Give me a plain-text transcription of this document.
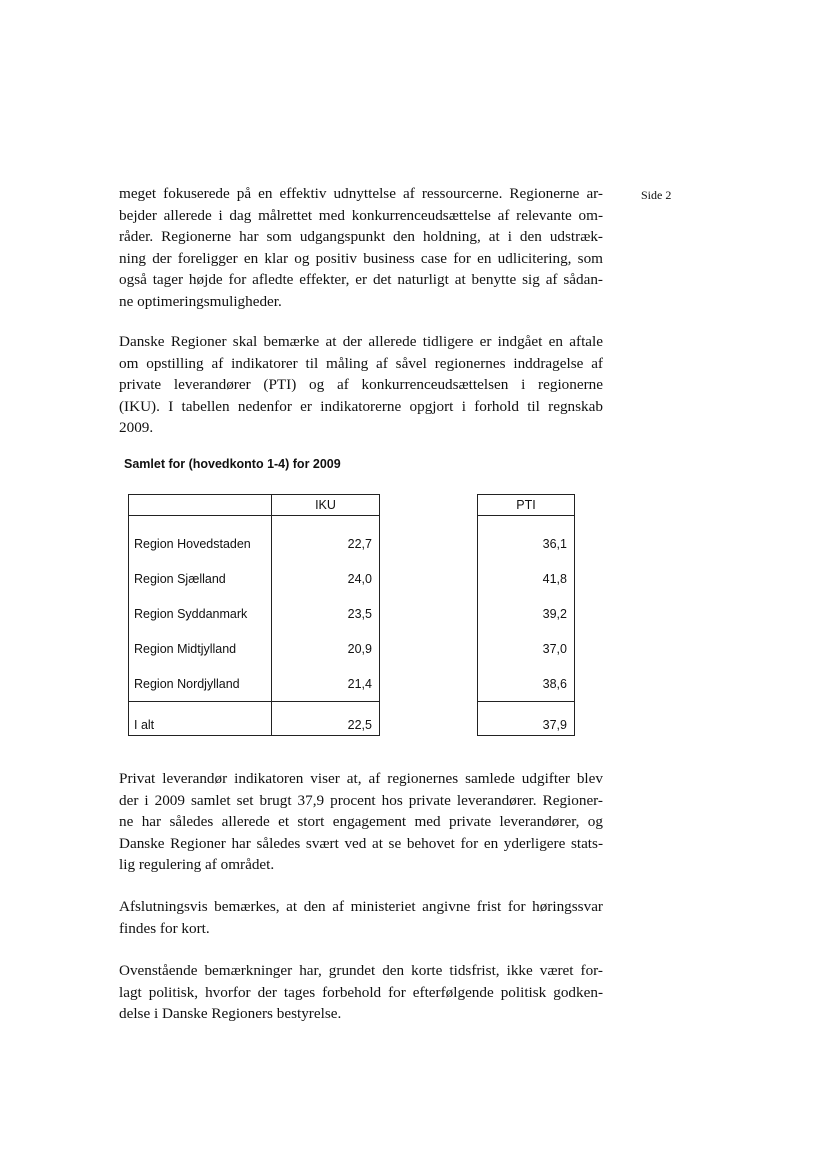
Side 2

meget fokuserede på en effektiv udnyttelse af ressourcerne. Regionerne ar-
bejder allerede i dag målrettet med konkurrenceudsættelse af relevante om-
råder. Regionerne har som udgangspunkt den holdning, at i den udstræk-
ning der foreligger en klar og positiv business case for en udlicitering, som
også tager højde for afledte effekter, er det naturligt at benytte sig af sådan-
ne optimeringsmuligheder.

Danske Regioner skal bemærke at der allerede tidligere er indgået en aftale
om opstilling af indikatorer til måling af såvel regionernes inddragelse af
private leverandører (PTI) og af konkurrenceudsættelsen i regionerne
(IKU). I tabellen nedenfor er indikatorerne opgjort i forhold til regnskab
2009.

Samlet for (hovedkonto 1-4) for 2009
	IKU		PTI
Region Hovedstaden	22,7		36,1
Region Sjælland	24,0		41,8
Region Syddanmark	23,5		39,2
Region Midtjylland	20,9		37,0
Region Nordjylland	21,4		38,6
I alt	22,5		37,9

Privat leverandør indikatoren viser at, af regionernes samlede udgifter blev
der i 2009 samlet set brugt 37,9 procent hos private leverandører. Regioner-
ne har således allerede et stort engagement med private leverandører, og
Danske Regioner har således svært ved at se behovet for en yderligere stats-
lig regulering af området.

Afslutningsvis bemærkes, at den af ministeriet angivne frist for høringssvar
findes for kort.

Ovenstående bemærkninger har, grundet den korte tidsfrist, ikke været for-
lagt politisk, hvorfor der tages forbehold for efterfølgende politisk godken-
delse i Danske Regioners bestyrelse.
